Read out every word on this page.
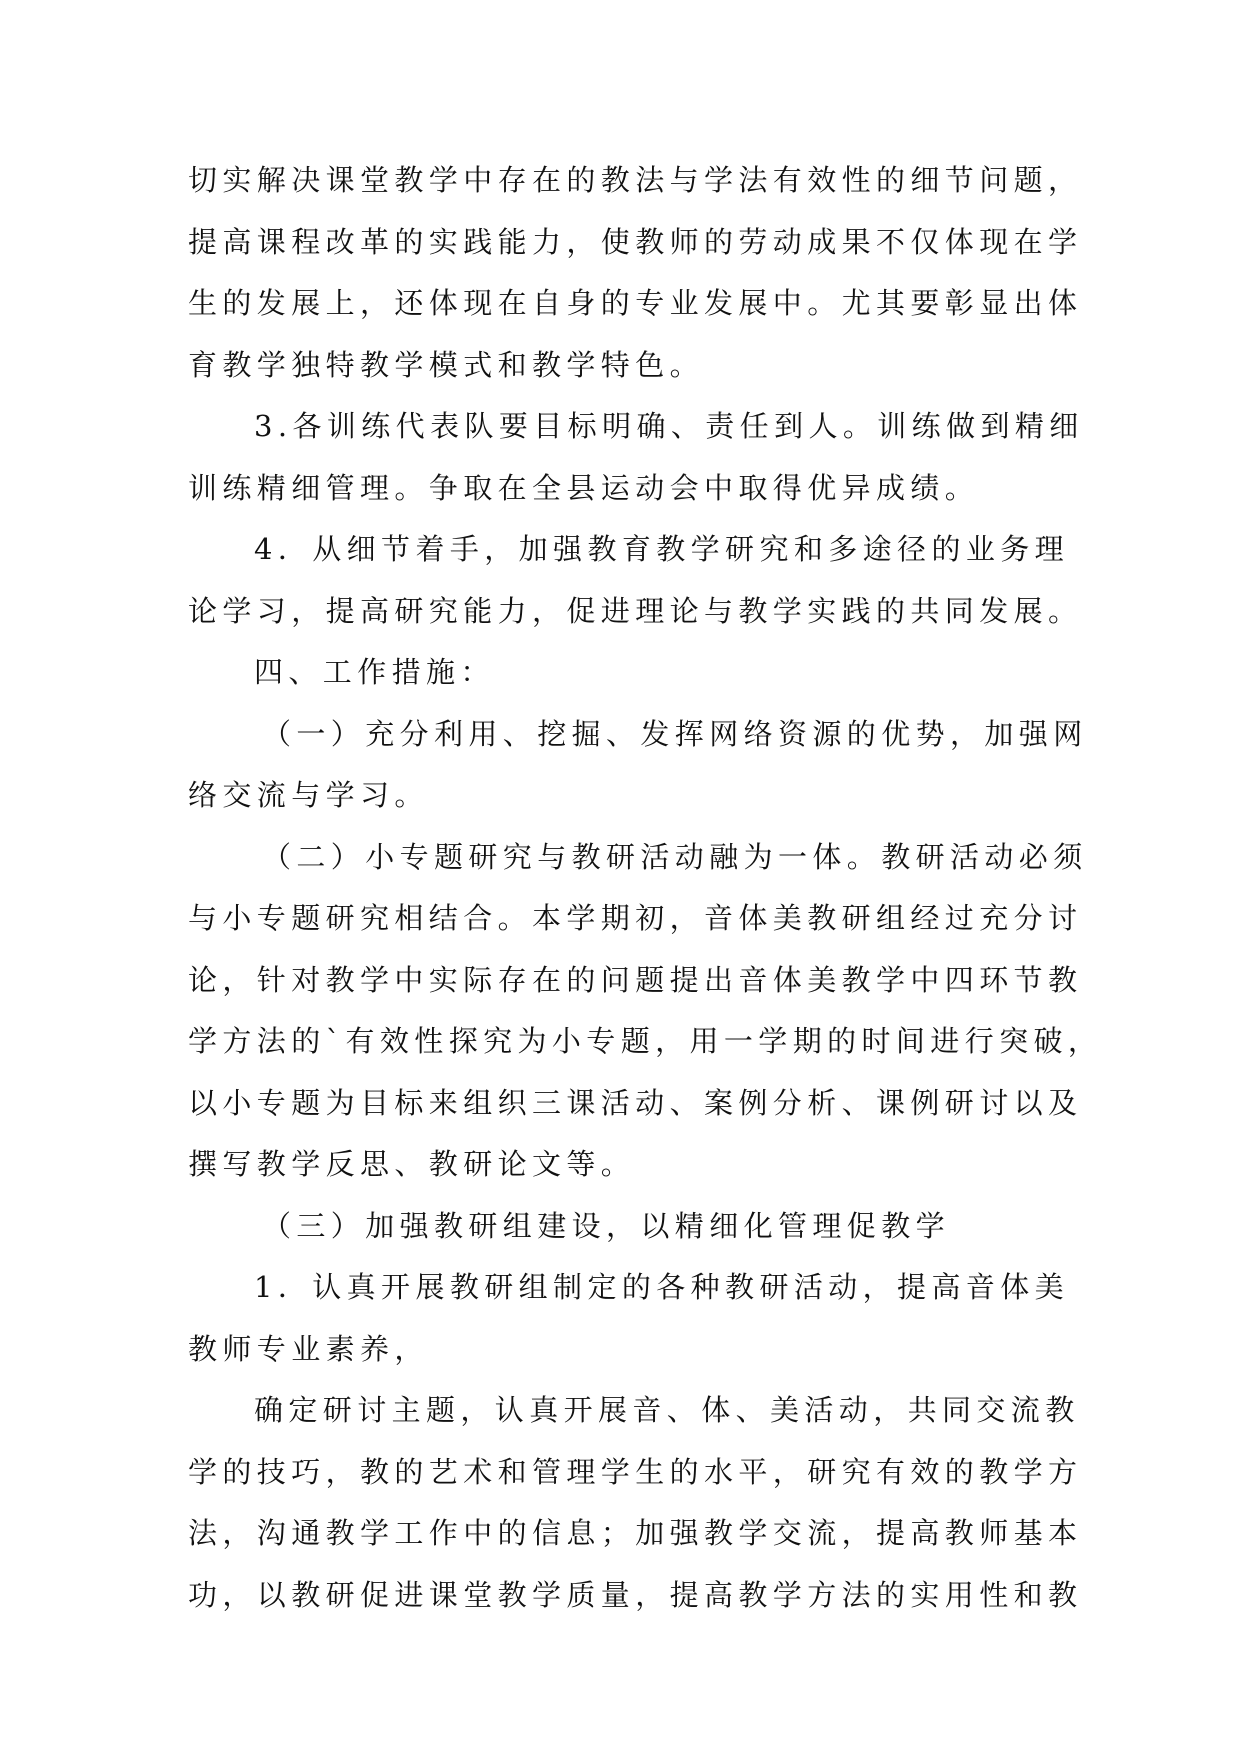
切实解决课堂教学中存在的教法与学法有效性的细节问题，
提高课程改革的实践能力，使教师的劳动成果不仅体现在学
生的发展上，还体现在自身的专业发展中。尤其要彰显出体
育教学独特教学模式和教学特色。
3.各训练代表队要目标明确、责任到人。训练做到精细
训练精细管理。争取在全县运动会中取得优异成绩。
4．从细节着手，加强教育教学研究和多途径的业务理
论学习，提高研究能力，促进理论与教学实践的共同发展。
四、工作措施：
（一）充分利用、挖掘、发挥网络资源的优势，加强网
络交流与学习。
（二）小专题研究与教研活动融为一体。教研活动必须
与小专题研究相结合。本学期初，音体美教研组经过充分讨
论，针对教学中实际存在的问题提出音体美教学中四环节教
学方法的`有效性探究为小专题，用一学期的时间进行突破，
以小专题为目标来组织三课活动、案例分析、课例研讨以及
撰写教学反思、教研论文等。
（三）加强教研组建设，以精细化管理促教学
1．认真开展教研组制定的各种教研活动，提高音体美
教师专业素养，
确定研讨主题，认真开展音、体、美活动，共同交流教
学的技巧，教的艺术和管理学生的水平，研究有效的教学方
法，沟通教学工作中的信息；加强教学交流，提高教师基本
功，以教研促进课堂教学质量，提高教学方法的实用性和教
